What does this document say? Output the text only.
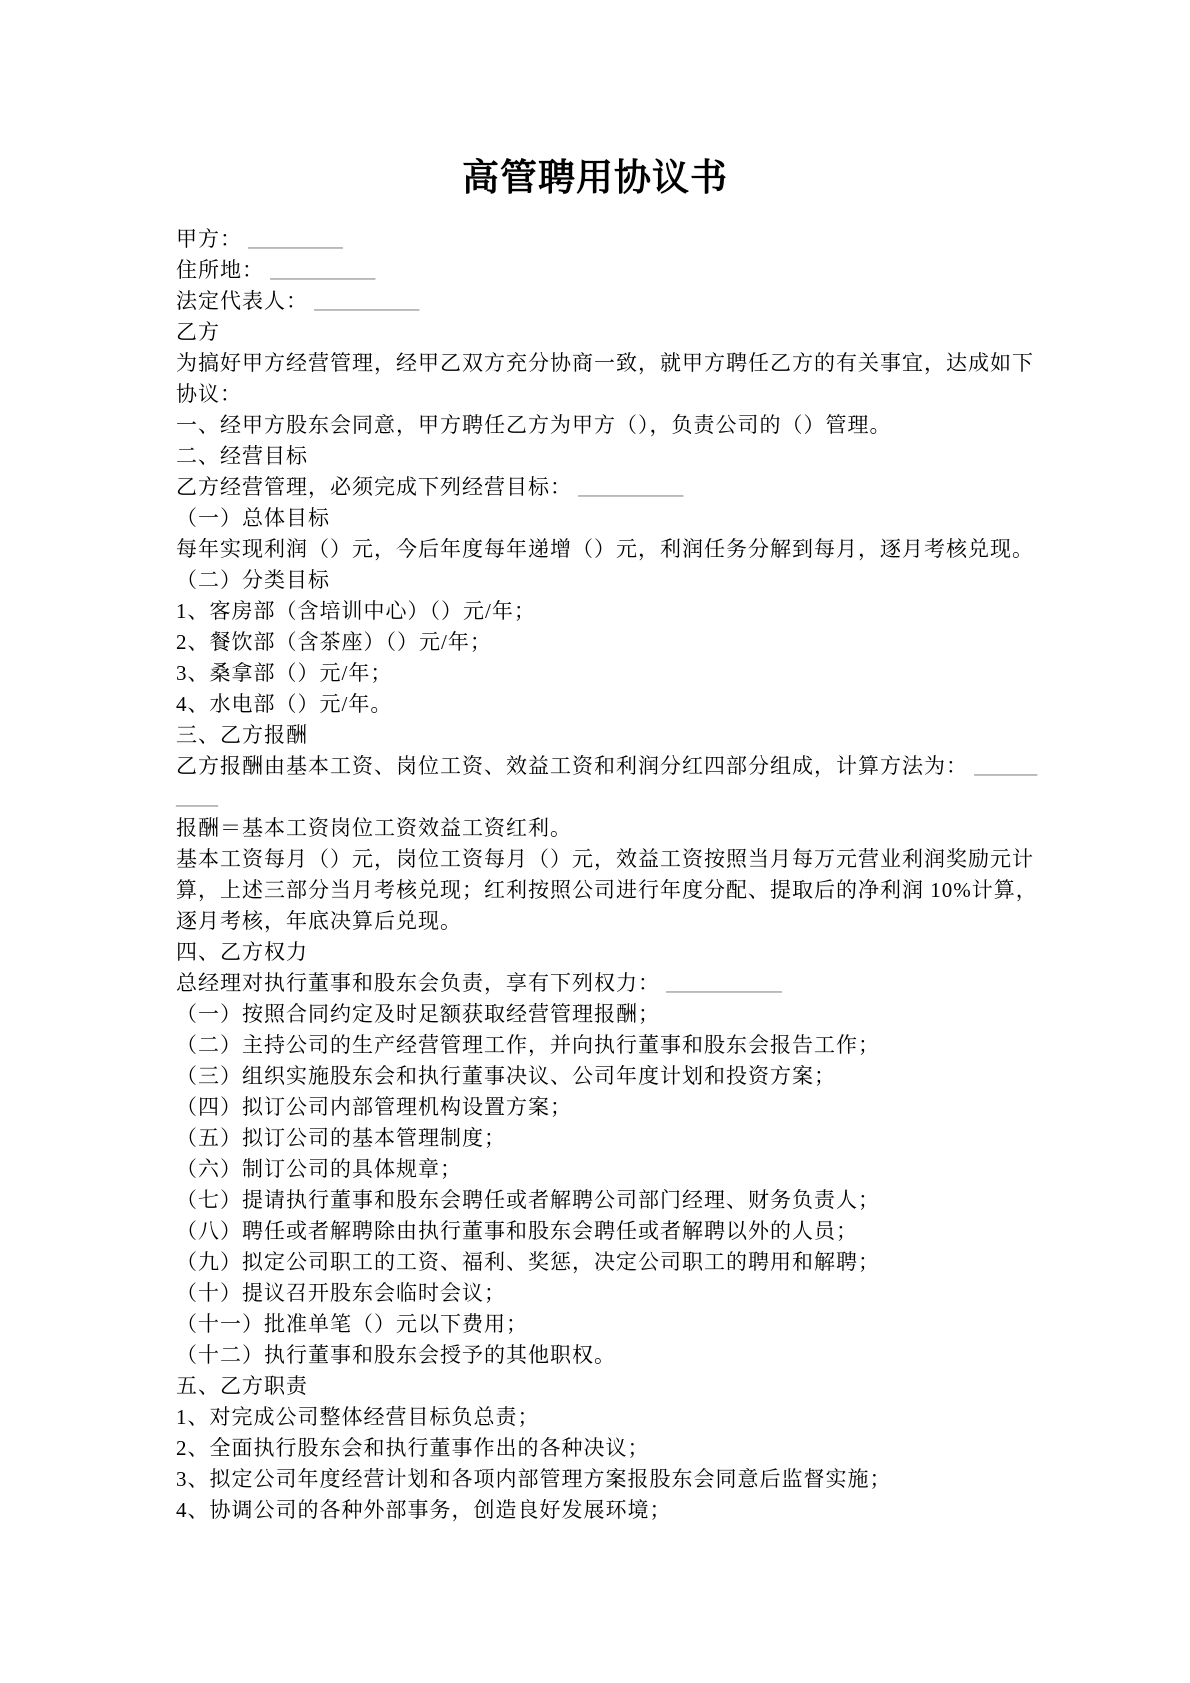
高管聘用协议书
甲方： _________
住所地： __________
法定代表人： __________
乙方
为搞好甲方经营管理，经甲乙双方充分协商一致，就甲方聘任乙方的有关事宜，达成如下
协议：
一、经甲方股东会同意，甲方聘任乙方为甲方（），负责公司的（）管理。
二、经营目标
乙方经营管理，必须完成下列经营目标： __________
（一）总体目标
每年实现利润（）元，今后年度每年递增（）元，利润任务分解到每月，逐月考核兑现。
（二）分类目标
1、客房部（含培训中心）（）元/年；
2、餐饮部（含茶座）（）元/年；
3、桑拿部（）元/年；
4、水电部（）元/年。
三、乙方报酬
乙方报酬由基本工资、岗位工资、效益工资和利润分红四部分组成，计算方法为： ______
____
报酬＝基本工资岗位工资效益工资红利。
基本工资每月（）元，岗位工资每月（）元，效益工资按照当月每万元营业利润奖励元计
算，上述三部分当月考核兑现；红利按照公司进行年度分配、提取后的净利润 10%计算，
逐月考核，年底决算后兑现。
四、乙方权力
总经理对执行董事和股东会负责，享有下列权力： ___________
（一）按照合同约定及时足额获取经营管理报酬；
（二）主持公司的生产经营管理工作，并向执行董事和股东会报告工作；
（三）组织实施股东会和执行董事决议、公司年度计划和投资方案；
（四）拟订公司内部管理机构设置方案；
（五）拟订公司的基本管理制度；
（六）制订公司的具体规章；
（七）提请执行董事和股东会聘任或者解聘公司部门经理、财务负责人；
（八）聘任或者解聘除由执行董事和股东会聘任或者解聘以外的人员；
（九）拟定公司职工的工资、福利、奖惩，决定公司职工的聘用和解聘；
（十）提议召开股东会临时会议；
（十一）批准单笔（）元以下费用；
（十二）执行董事和股东会授予的其他职权。
五、乙方职责
1、对完成公司整体经营目标负总责；
2、全面执行股东会和执行董事作出的各种决议；
3、拟定公司年度经营计划和各项内部管理方案报股东会同意后监督实施；
4、协调公司的各种外部事务，创造良好发展环境；
